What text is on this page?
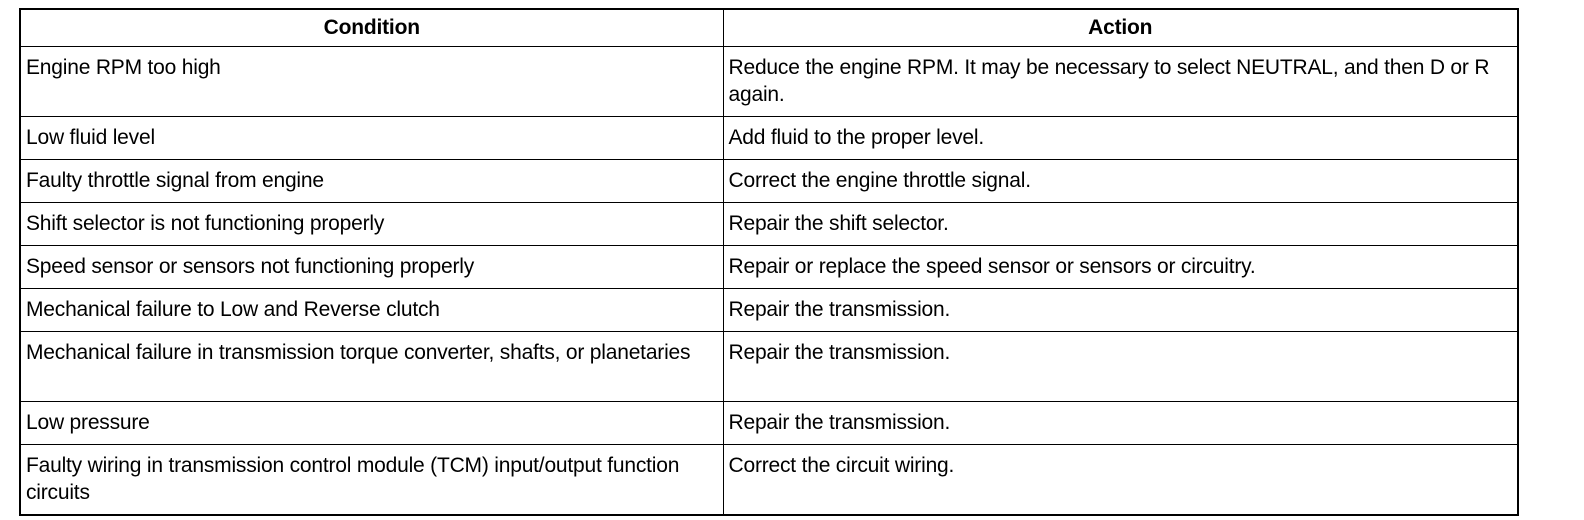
Condition	Action
Engine RPM too high	Reduce the engine RPM. It may be necessary to select NEUTRAL, and then D or R again.
Low fluid level	Add fluid to the proper level.
Faulty throttle signal from engine	Correct the engine throttle signal.
Shift selector is not functioning properly	Repair the shift selector.
Speed sensor or sensors not functioning properly	Repair or replace the speed sensor or sensors or circuitry.
Mechanical failure to Low and Reverse clutch	Repair the transmission.
Mechanical failure in transmission torque converter, shafts, or planetaries	Repair the transmission.
Low pressure	Repair the transmission.
Faulty wiring in transmission control module (TCM) input/output function circuits	Correct the circuit wiring.
